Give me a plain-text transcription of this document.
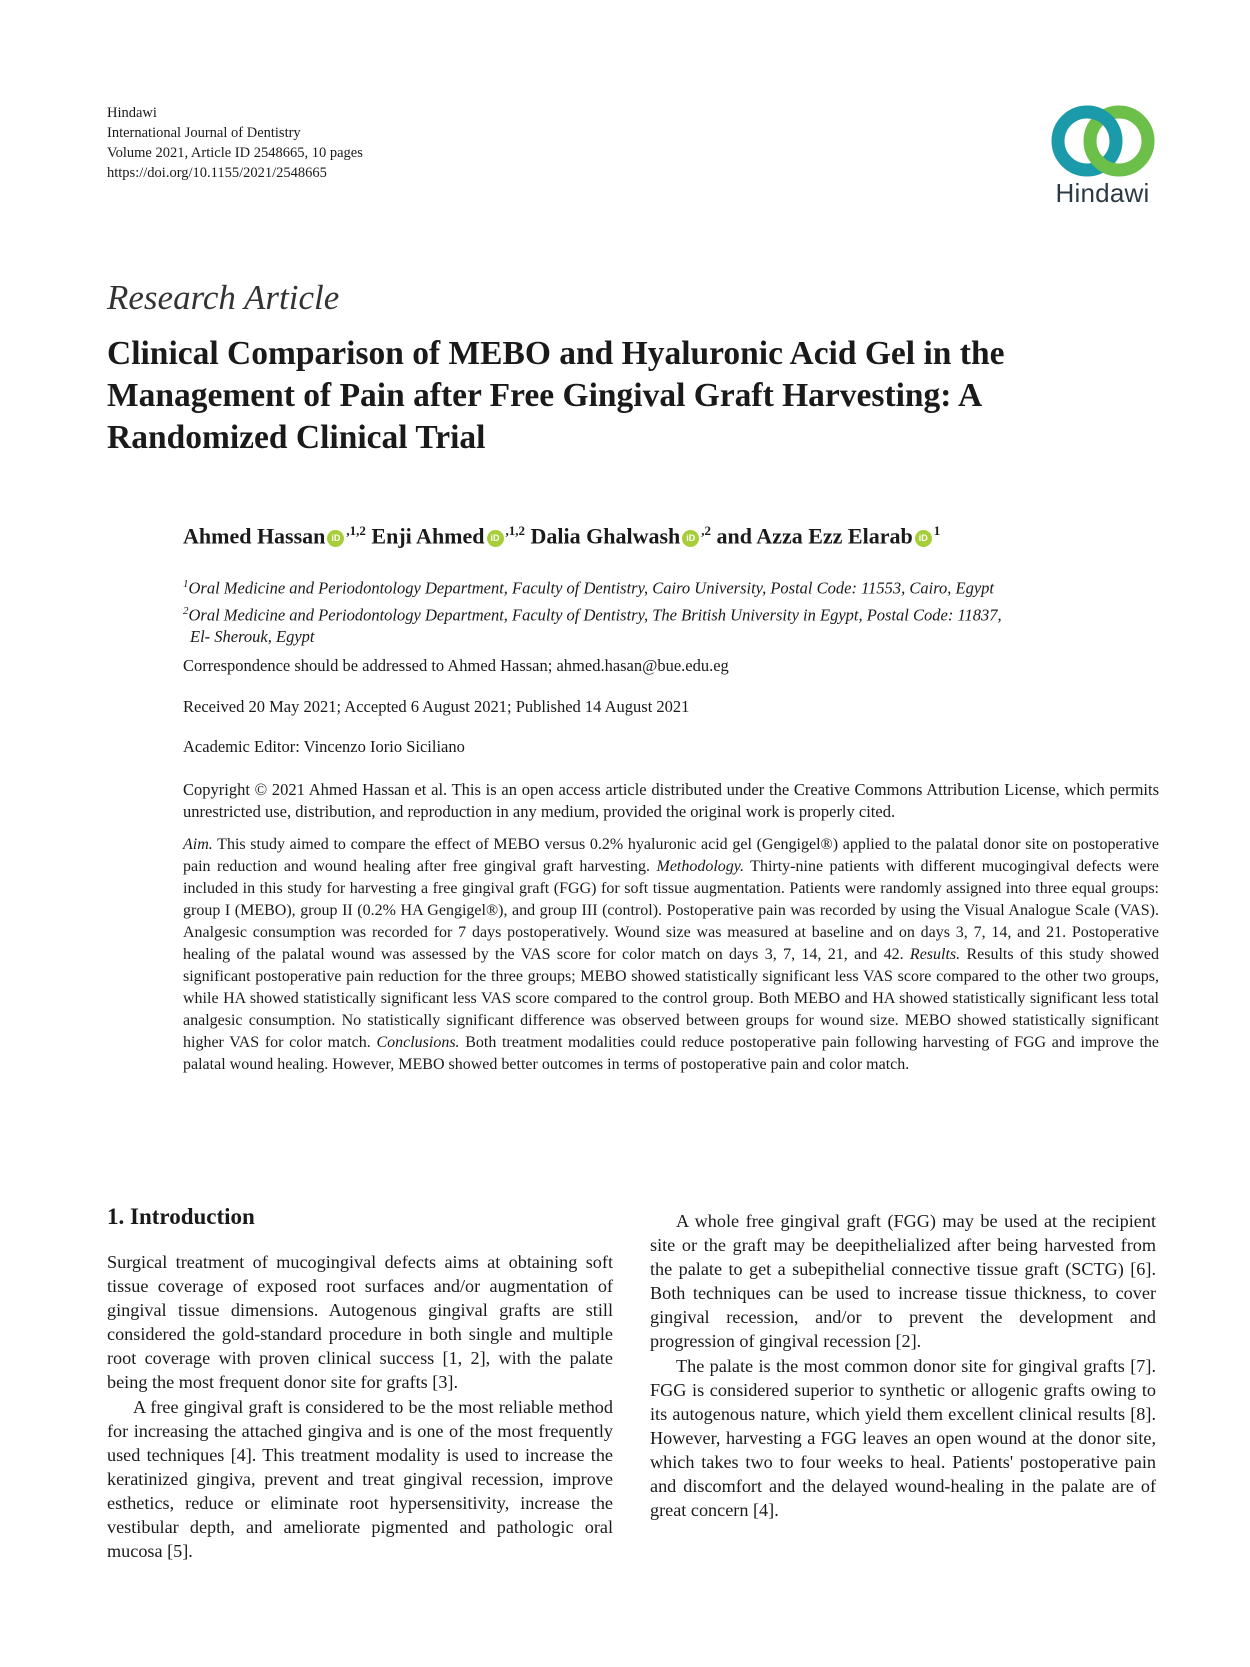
Hindawi
International Journal of Dentistry
Volume 2021, Article ID 2548665, 10 pages
https://doi.org/10.1155/2021/2548665
Hindawi
Research Article
Clinical Comparison of MEBO and Hyaluronic Acid Gel in the Management of Pain after Free Gingival Graft Harvesting: A Randomized Clinical Trial
Ahmed Hassan $iD^{,1,2}$ Enji Ahmed $iD^{,1,2}$ Dalia Ghalwash $iD^{,2}$ and Azza Ezz Elarab $iD^1$
$^1$Oral Medicine and Periodontology Department, Faculty of Dentistry, Cairo University, Postal Code: 11553, Cairo, Egypt
$^2$Oral Medicine and Periodontology Department, Faculty of Dentistry, The British University in Egypt, Postal Code: 11837,
El- Sherouk, Egypt
Correspondence should be addressed to Ahmed Hassan; ahmed.hasan@bue.edu.eg
Received 20 May 2021; Accepted 6 August 2021; Published 14 August 2021
Academic Editor: Vincenzo Iorio Siciliano
Copyright © 2021 Ahmed Hassan et al. This is an open access article distributed under the Creative Commons Attribution License, which permits unrestricted use, distribution, and reproduction in any medium, provided the original work is properly cited.
Aim. This study aimed to compare the effect of MEBO versus 0.2% hyaluronic acid gel (Gengigel®) applied to the palatal donor site on postoperative pain reduction and wound healing after free gingival graft harvesting. Methodology. Thirty-nine patients with different mucogingival defects were included in this study for harvesting a free gingival graft (FGG) for soft tissue augmentation. Patients were randomly assigned into three equal groups: group I (MEBO), group II (0.2% HA Gengigel®), and group III (control). Postoperative pain was recorded by using the Visual Analogue Scale (VAS). Analgesic consumption was recorded for 7 days postoperatively. Wound size was measured at baseline and on days 3, 7, 14, and 21. Postoperative healing of the palatal wound was assessed by the VAS score for color match on days 3, 7, 14, 21, and 42. Results. Results of this study showed significant postoperative pain reduction for the three groups; MEBO showed statistically significant less VAS score compared to the other two groups, while HA showed statistically significant less VAS score compared to the control group. Both MEBO and HA showed statistically significant less total analgesic consumption. No statistically significant difference was observed between groups for wound size. MEBO showed statistically significant higher VAS for color match. Conclusions. Both treatment modalities could reduce postoperative pain following harvesting of FGG and improve the palatal wound healing. However, MEBO showed better outcomes in terms of postoperative pain and color match.
1. Introduction

Surgical treatment of mucogingival defects aims at obtaining soft tissue coverage of exposed root surfaces and/or augmentation of gingival tissue dimensions. Autogenous gingival grafts are still considered the gold-standard procedure in both single and multiple root coverage with proven clinical success [1, 2], with the palate being the most frequent donor site for grafts [3].

A free gingival graft is considered to be the most reliable method for increasing the attached gingiva and is one of the most frequently used techniques [4]. This treatment modality is used to increase the keratinized gingiva, prevent and treat gingival recession, improve esthetics, reduce or eliminate root hypersensitivity, increase the vestibular depth, and ameliorate pigmented and pathologic oral mucosa [5].

A whole free gingival graft (FGG) may be used at the recipient site or the graft may be deepithelialized after being harvested from the palate to get a subepithelial connective tissue graft (SCTG) [6]. Both techniques can be used to increase tissue thickness, to cover gingival recession, and/or to prevent the development and progression of gingival recession [2].

The palate is the most common donor site for gingival grafts [7]. FGG is considered superior to synthetic or allogenic grafts owing to its autogenous nature, which yield them excellent clinical results [8]. However, harvesting a FGG leaves an open wound at the donor site, which takes two to four weeks to heal. Patients' postoperative pain and discomfort and the delayed wound-healing in the palate are of great concern [4].
